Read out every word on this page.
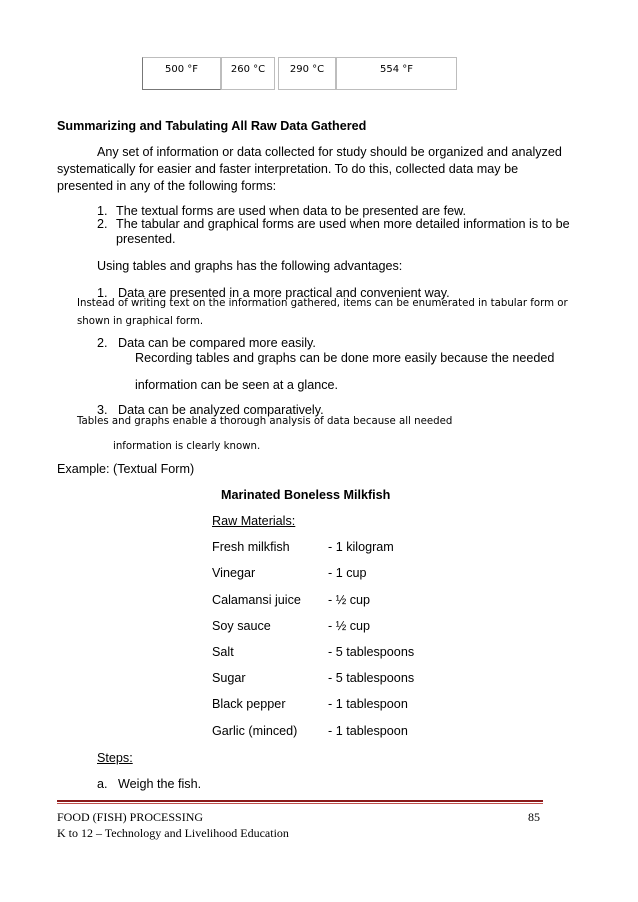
500 °F	260 °C	290 °C	554 °F
Summarizing and Tabulating All Raw Data Gathered
Any set of information or data collected for study should be organized and analyzed
systematically for easier and faster interpretation. To do this, collected data may be
presented in any of the following forms:
1. The textual forms are used when data to be presented are few.
2. The tabular and graphical forms are used when more detailed information is to be
presented.
Using tables and graphs has the following advantages:
1.   Data are presented in a more practical and convenient way.
Instead of writing text on the information gathered, items can be enumerated in tabular form or
shown in graphical form.
2.   Data can be compared more easily.
Recording tables and graphs can be done more easily because the needed
information can be seen at a glance.
3.   Data can be analyzed comparatively.
Tables and graphs enable a thorough analysis of data because all needed
information is clearly known.
Example: (Textual Form)
Marinated Boneless Milkfish
Raw Materials:
Fresh milkfish	- 1 kilogram
Vinegar	- 1 cup
Calamansi juice - ½ cup
Soy sauce	- ½ cup
Salt	- 5 tablespoons
Sugar	- 5 tablespoons
Black pepper	- 1 tablespoon
Garlic (minced) - 1 tablespoon
Steps:
a.   Weigh the fish.
FOOD (FISH) PROCESSING	85
K to 12 – Technology and Livelihood Education
